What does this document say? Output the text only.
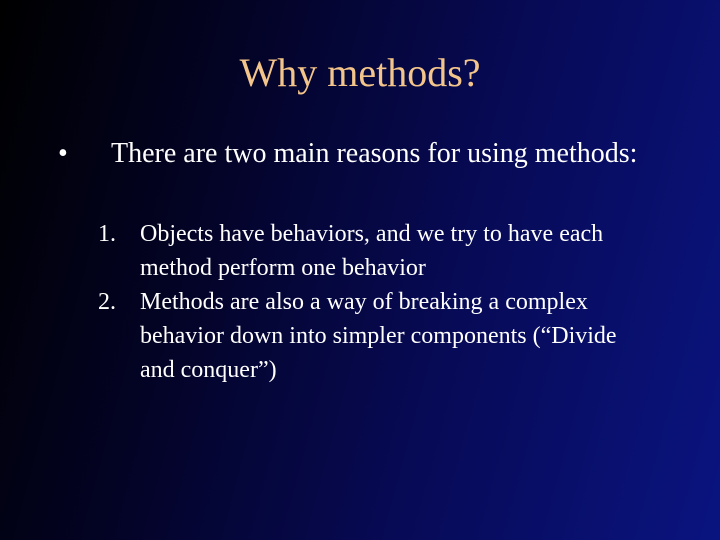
Why methods?
• There are two main reasons for using methods:
1.	Objects have behaviors, and we try to have each method perform one behavior
2.	Methods are also a way of breaking a complex behavior down into simpler components (“Divide and conquer”)
